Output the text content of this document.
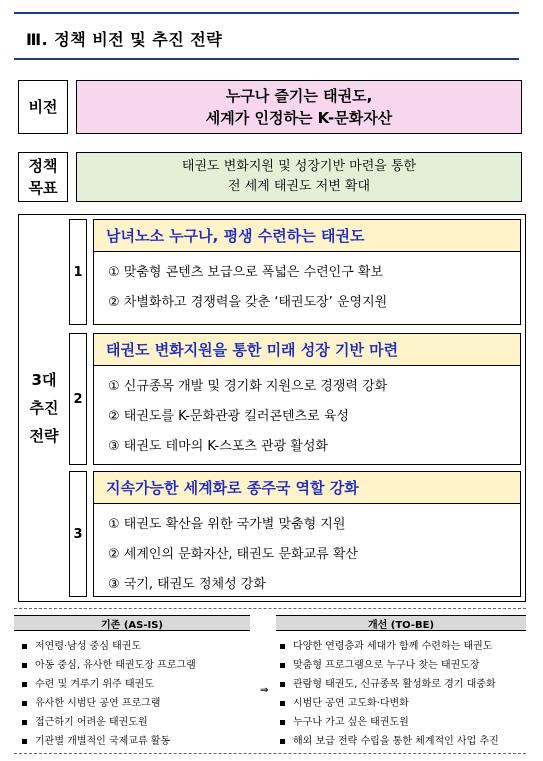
Ⅲ. 정책 비전 및 추진 전략
비전
누구나 즐기는 태권도,
세계가 인정하는 K-문화자산
정책
목표
태권도 변화지원 및 성장기반 마련을 통한
전 세계 태권도 저변 확대
3대
추진
전략
1
남녀노소 누구나, 평생 수련하는 태권도
① 맞춤형 콘텐츠 보급으로 폭넓은 수련인구 확보
② 차별화하고 경쟁력을 갖춘 ‘태권도장’ 운영지원
2
태권도 변화지원을 통한 미래 성장 기반 마련
① 신규종목 개발 및 경기화 지원으로 경쟁력 강화
② 태권도를 K-문화관광 킬러콘텐츠로 육성
③ 태권도 테마의 K-스포츠 관광 활성화
3
지속가능한 세계화로 종주국 역할 강화
① 태권도 확산을 위한 국가별 맞춤형 지원
② 세계인의 문화자산, 태권도 문화교류 확산
③ 국기, 태권도 정체성 강화
기존 (AS-IS)
저연령·남성 중심 태권도
아동 중심, 유사한 태권도장 프로그램
수련 및 겨루기 위주 태권도
유사한 시범단 공연 프로그램
접근하기 어려운 태권도원
기관별 개별적인 국제교류 활동
⇒
개선 (TO-BE)
다양한 연령층과 세대가 함께 수련하는 태권도
맞춤형 프로그램으로 누구나 찾는 태권도장
관람형 태권도, 신규종목 활성화로 경기 대중화
시범단 공연 고도화·다변화
누구나 가고 싶은 태권도원
해외 보급 전략 수립을 통한 체계적인 사업 추진
